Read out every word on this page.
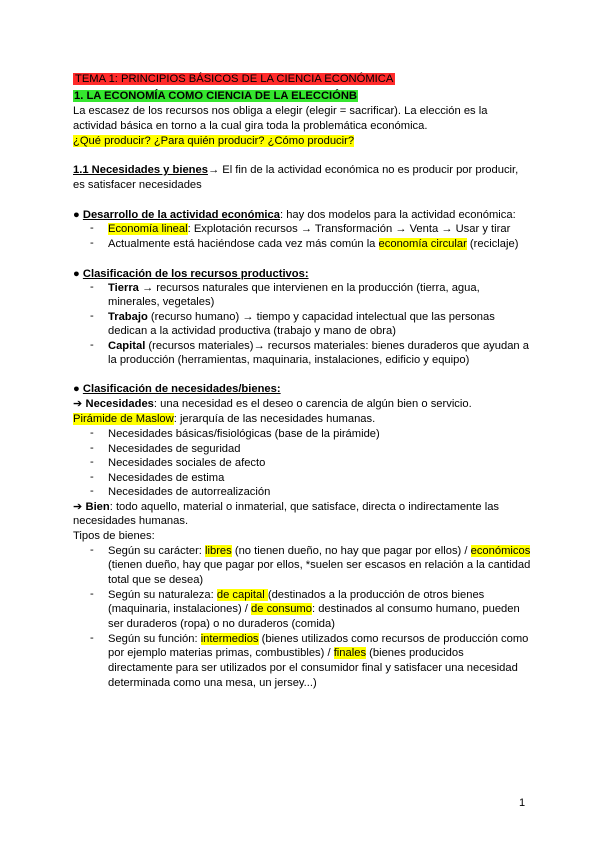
TEMA 1: PRINCIPIOS BÁSICOS DE LA CIENCIA ECONÓMICA
1. LA ECONOMÍA COMO CIENCIA DE LA ELECCIÓNB
La escasez de los recursos nos obliga a elegir (elegir = sacrificar). La elección es la
actividad básica en torno a la cual gira toda la problemática económica.
¿Qué producir? ¿Para quién producir? ¿Cómo producir?
1.1 Necesidades y bienes→ El fin de la actividad económica no es producir por producir,
es satisfacer necesidades
● Desarrollo de la actividad económica: hay dos modelos para la actividad económica:
- Economía lineal: Explotación recursos → Transformación → Venta → Usar y tirar
- Actualmente está haciéndose cada vez más común la economía circular (reciclaje)
● Clasificación de los recursos productivos:
- Tierra → recursos naturales que intervienen en la producción (tierra, agua,
minerales, vegetales)
- Trabajo (recurso humano) → tiempo y capacidad intelectual que las personas
dedican a la actividad productiva (trabajo y mano de obra)
- Capital (recursos materiales)→ recursos materiales: bienes duraderos que ayudan a
la producción (herramientas, maquinaria, instalaciones, edificio y equipo)
● Clasificación de necesidades/bienes:
➔ Necesidades: una necesidad es el deseo o carencia de algún bien o servicio.
Pirámide de Maslow: jerarquía de las necesidades humanas.
- Necesidades básicas/fisiológicas (base de la pirámide)
- Necesidades de seguridad
- Necesidades sociales de afecto
- Necesidades de estima
- Necesidades de autorrealización
➔ Bien: todo aquello, material o inmaterial, que satisface, directa o indirectamente las
necesidades humanas.
Tipos de bienes:
- Según su carácter: libres (no tienen dueño, no hay que pagar por ellos) / económicos
(tienen dueño, hay que pagar por ellos, *suelen ser escasos en relación a la cantidad
total que se desea)
- Según su naturaleza: de capital (destinados a la producción de otros bienes
(maquinaria, instalaciones) / de consumo: destinados al consumo humano, pueden
ser duraderos (ropa) o no duraderos (comida)
- Según su función: intermedios (bienes utilizados como recursos de producción como
por ejemplo materias primas, combustibles) / finales (bienes producidos
directamente para ser utilizados por el consumidor final y satisfacer una necesidad
determinada como una mesa, un jersey...)
1
